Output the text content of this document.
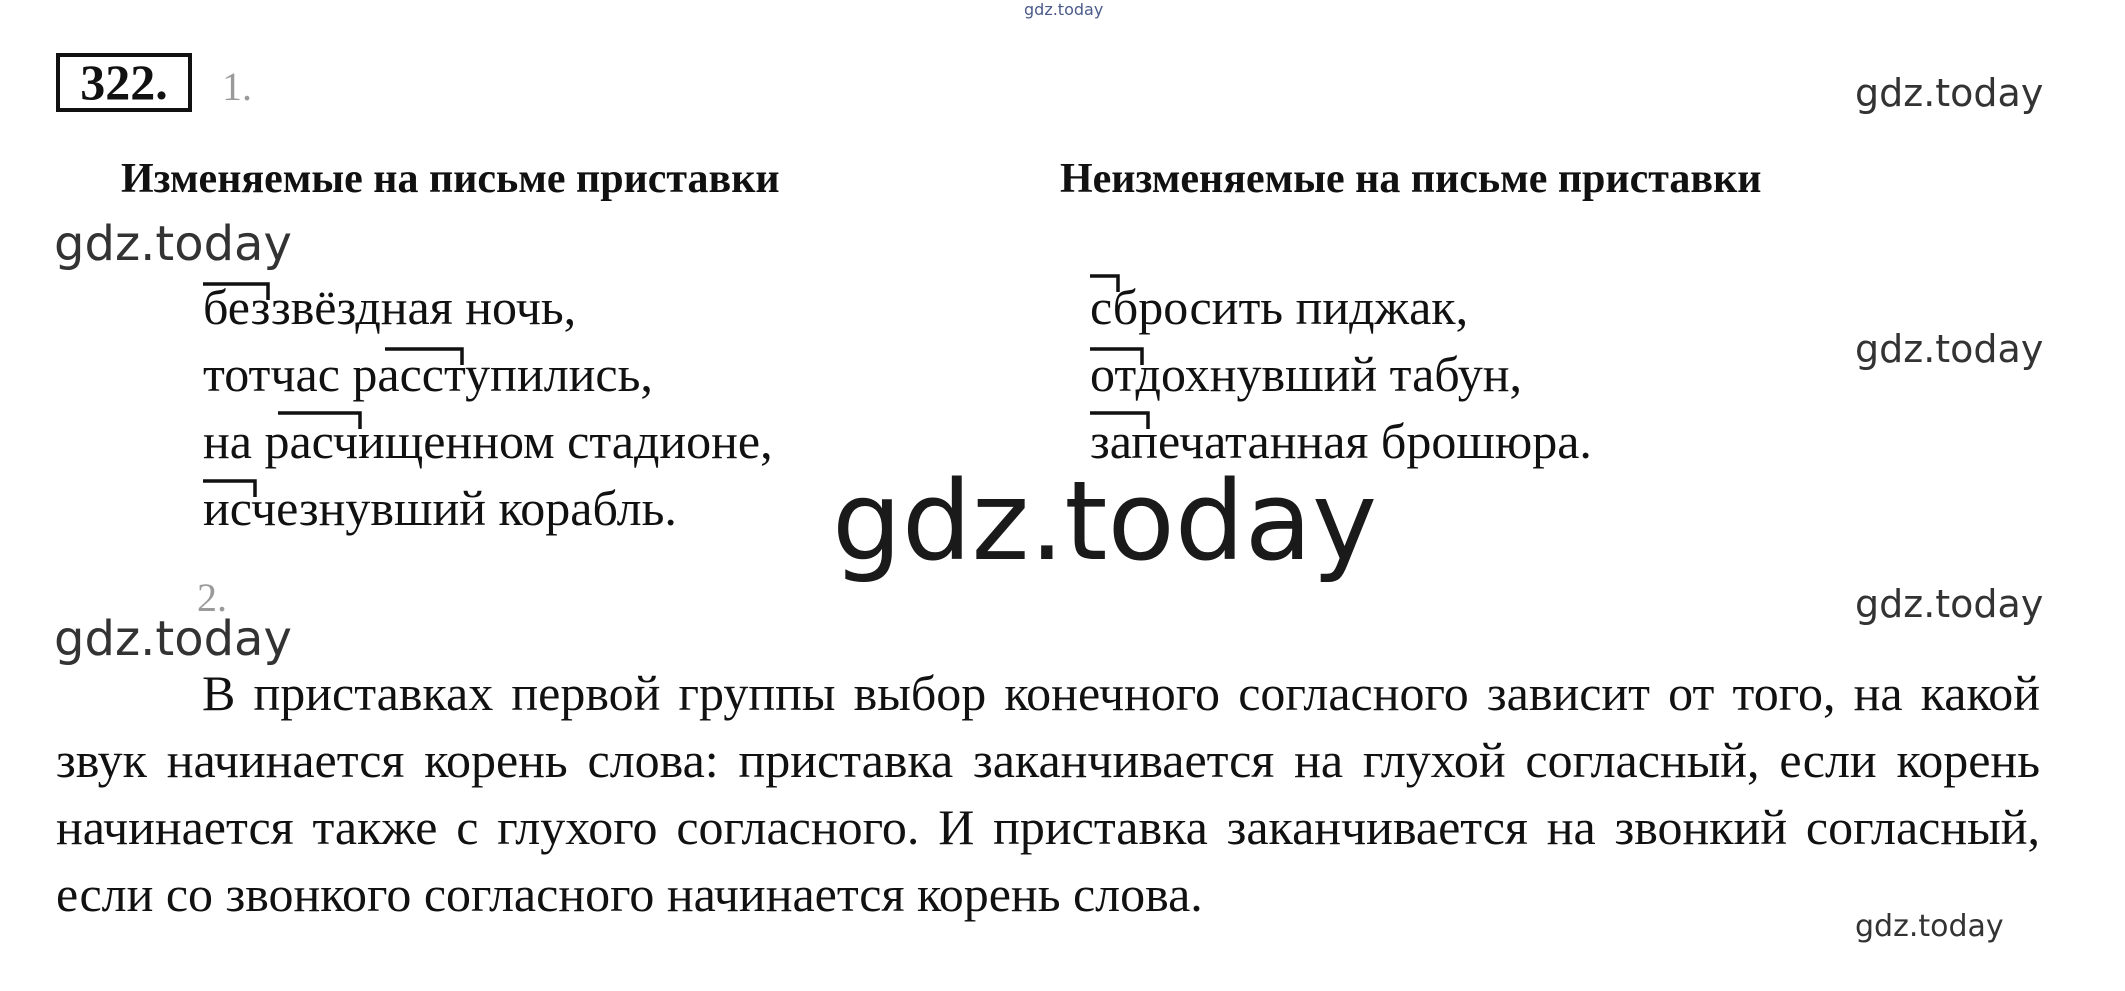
gdz.today
gdz.today
gdz.today
gdz.today
gdz.today
gdz.today
gdz.today
gdz.today
322.	1.
Изменяемые на письме приставки	Неизменяемые на письме приставки
беззвёздная ночь,
тотчас расступились,
на расчищенном стадионе,
исчезнувший корабль.
сбросить пиджак,
отдохнувший табун,
запечатанная брошюра.
2.

В приставках первой группы выбор конечного согласного зависит от того, на какой звук начинается корень слова: приставка заканчивается на глухой согласный, если корень начинается также с глухого согласного. И приставка заканчивается на звонкий согласный, если со звонкого согласного начинается корень слова.
